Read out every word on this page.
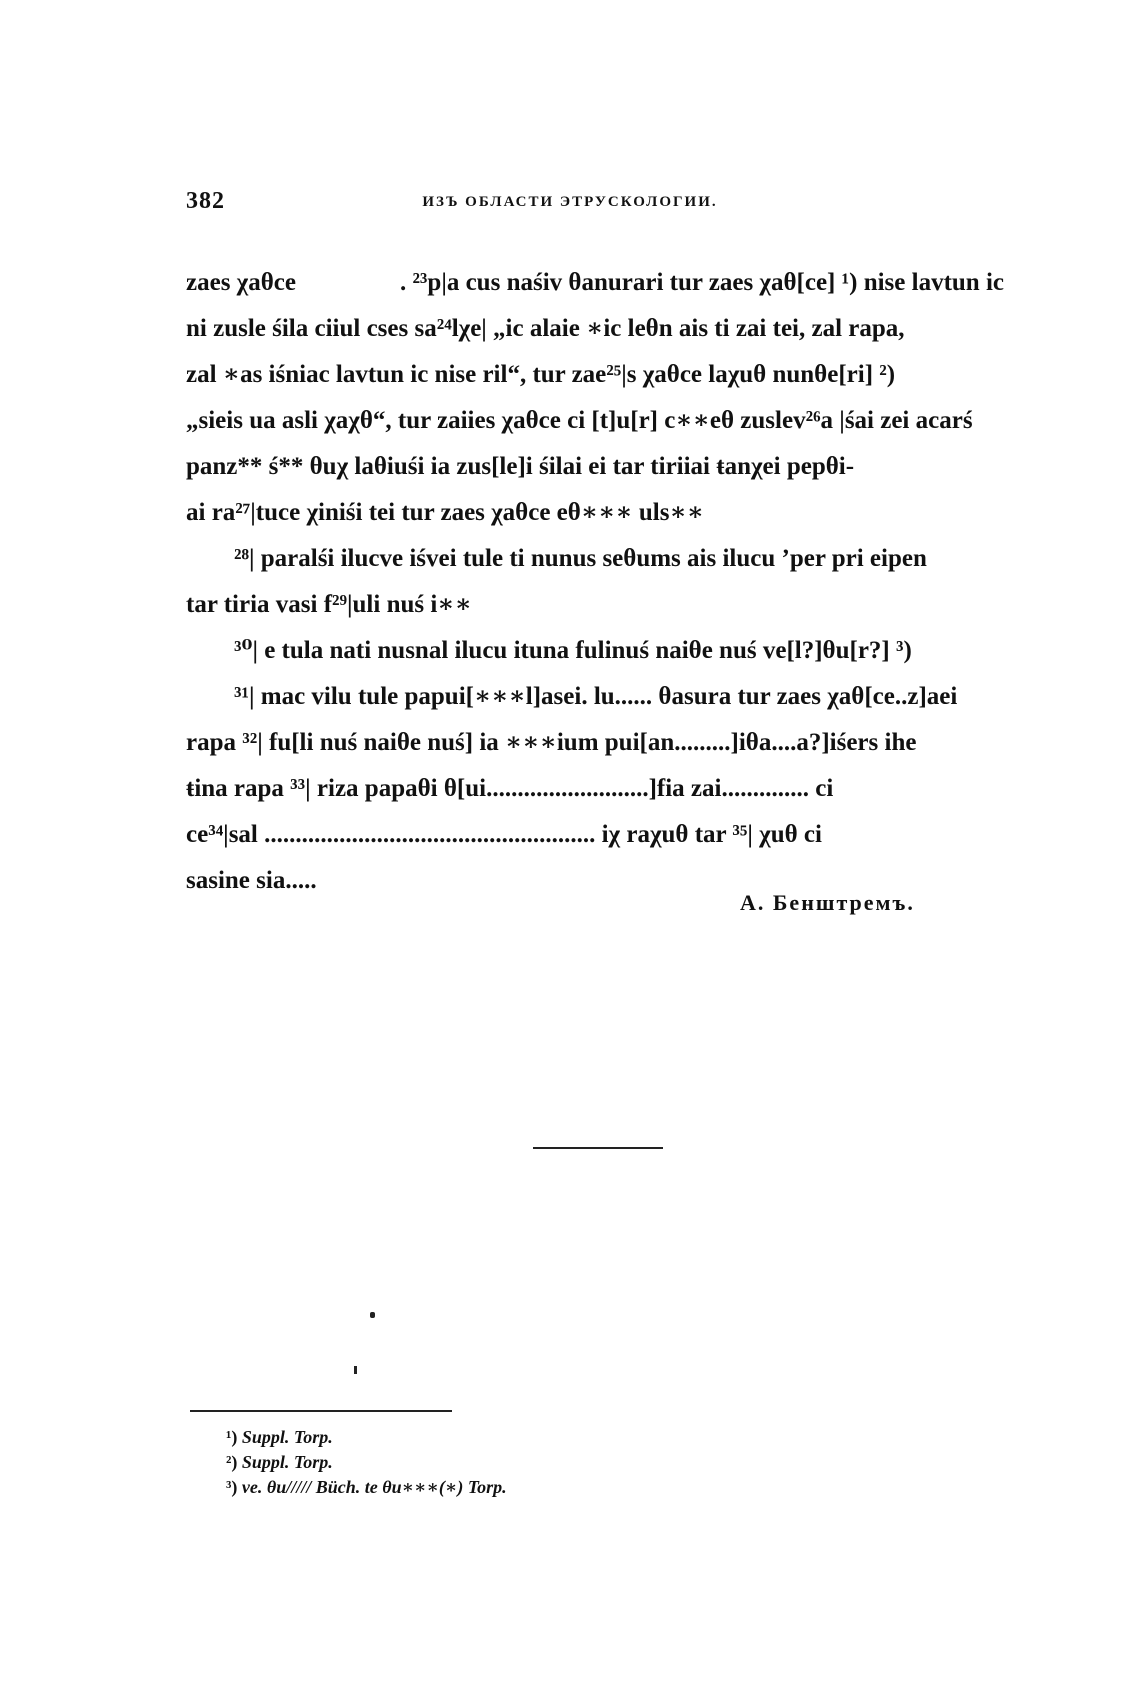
382	ИЗЪ ОБЛАСТИ ЭТРУСКОЛОГИИ.
zaes χaθce	. ²³p|a cus naśiv θanurari tur zaes χaθ[ce] ¹) nise lavtun ic
ni zusle śila ciiul cses sa²⁴lχe| „ic alaie ∗ic leθn ais ti zai tei, zal rapa,
zal ∗as iśniac lavtun ic nise ril“, tur zae²⁵|s χaθce laχuθ nunθe[ri] ²)
„sieis ua asli χaχθ“, tur zaiies χaθce ci [t]u[r] c∗∗eθ zuslev²⁶a |śai zei acarś
panz** ś** θuχ laθiuśi ia zus[le]i śilai ei tar tiriiai ŧanχei pepθi-
ai ra²⁷|tuce χiniśi tei tur zaes χaθce eθ∗∗∗ uls∗∗
²⁸| paralśi ilucve iśvei tule ti nunus seθums ais ilucu ’per pri eipen
tar tiria vasi f²⁹|uli nuś i∗∗
³⁰| e tula nati nusnal ilucu ituna fulinuś naiθe nuś ve[l?]θu[r?] ³)
³¹| mac vilu tule papui[∗∗∗l]asei. lu...... θasura tur zaes χaθ[ce..z]aei
rapa ³²| fu[li nuś naiθe nuś] ia ∗∗∗ium pui[an.........]iθa....a?]iśers ihe
ŧina rapa ³³| riza papaθi θ[ui..........................]fia zai.............. ci
ce³⁴|sal ..................................................... iχ raχuθ tar ³⁵| χuθ ci
sasine sia.....
А. Бенштремъ.
¹) Suppl. Torp.
²) Suppl. Torp.
³) ve. θu///// Büch. te θu∗∗∗(∗) Torp.
